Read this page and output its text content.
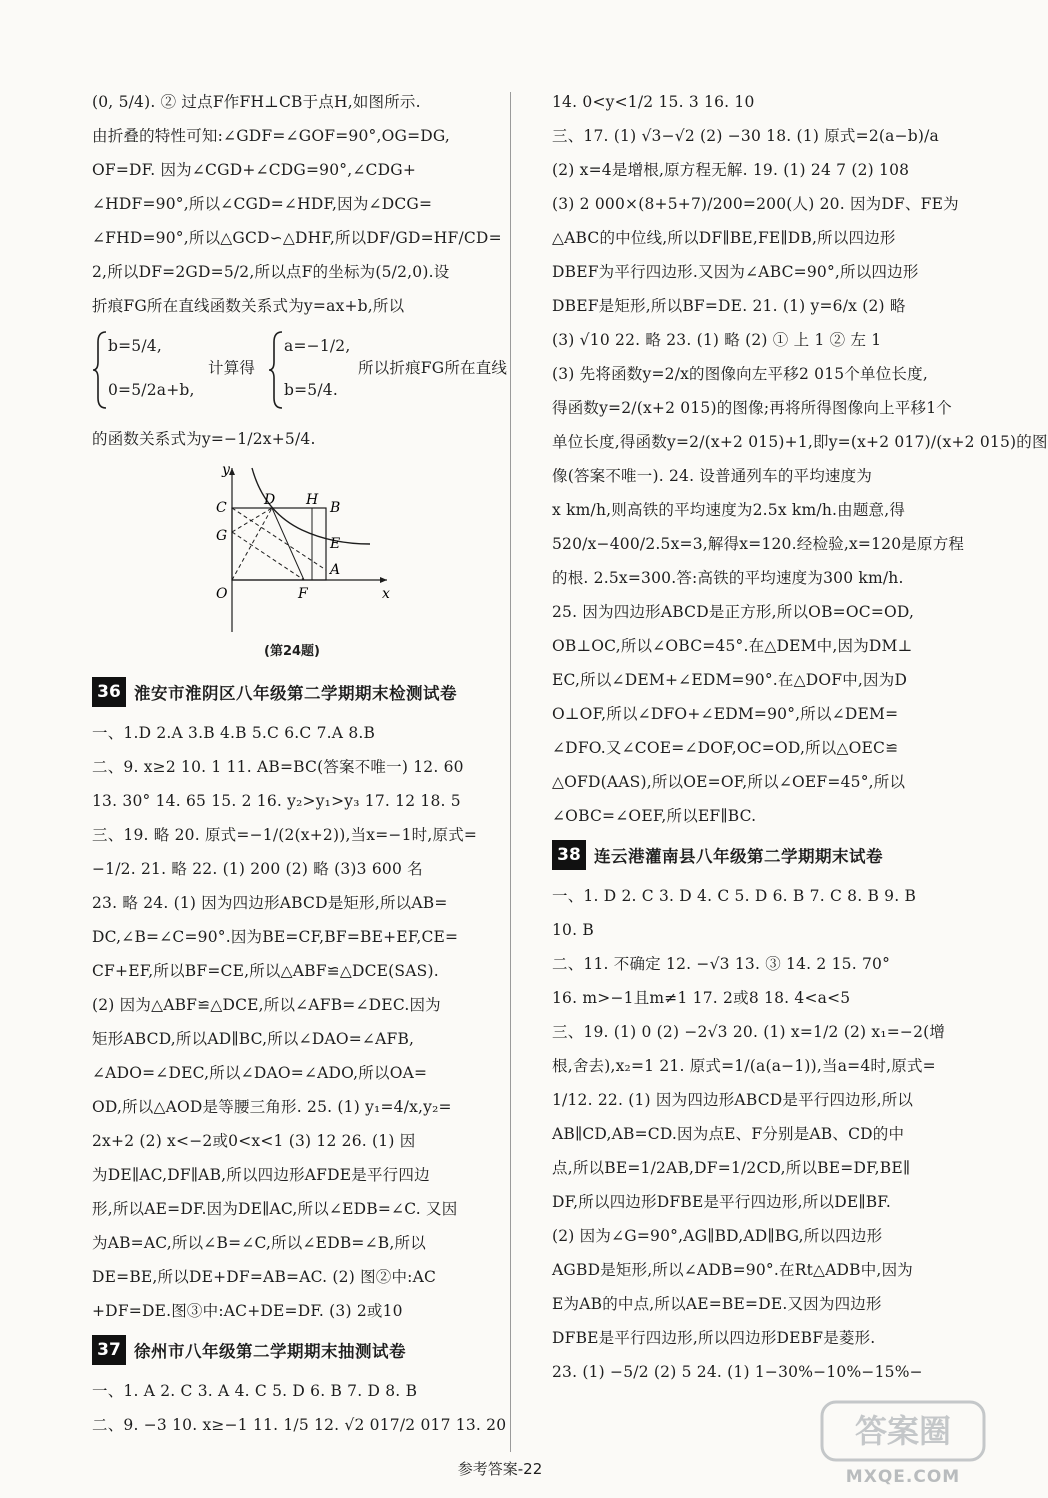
(0, 5/4). ② 过点F作FH⊥CB于点H,如图所示.
由折叠的特性可知:∠GDF=∠GOF=90°,OG=DG,
OF=DF. 因为∠CGD+∠CDG=90°,∠CDG+
∠HDF=90°,所以∠CGD=∠HDF,因为∠DCG=
∠FHD=90°,所以△GCD∽△DHF,所以DF/GD=HF/CD=
2,所以DF=2GD=5/2,所以点F的坐标为(5/2,0).设
折痕FG所在直线函数关系式为y=ax+b,所以
b=5/4,
0=5/2a+b,
计算得
a=−1/2,
b=5/4.
所以折痕FG所在直线
的函数关系式为y=−1/2x+5/4.
y
x
O
C
G
D H B
E
A
F
(第24题)
36 淮安市淮阴区八年级第二学期期末检测试卷
一、1.D 2.A 3.B 4.B 5.C 6.C 7.A 8.B
二、9. x≥2 10. 1 11. AB=BC(答案不唯一) 12. 60
13. 30° 14. 65 15. 2 16. y₂>y₁>y₃ 17. 12 18. 5
三、19. 略 20. 原式=−1/(2(x+2)),当x=−1时,原式=
−1/2. 21. 略 22. (1) 200 (2) 略 (3)3 600 名
23. 略 24. (1) 因为四边形ABCD是矩形,所以AB=
DC,∠B=∠C=90°.因为BE=CF,BF=BE+EF,CE=
CF+EF,所以BF=CE,所以△ABF≌△DCE(SAS).
(2) 因为△ABF≌△DCE,所以∠AFB=∠DEC.因为
矩形ABCD,所以AD∥BC,所以∠DAO=∠AFB,
∠ADO=∠DEC,所以∠DAO=∠ADO,所以OA=
OD,所以△AOD是等腰三角形. 25. (1) y₁=4/x,y₂=
2x+2 (2) x<−2或0<x<1 (3) 12 26. (1) 因
为DE∥AC,DF∥AB,所以四边形AFDE是平行四边
形,所以AE=DF.因为DE∥AC,所以∠EDB=∠C. 又因
为AB=AC,所以∠B=∠C,所以∠EDB=∠B,所以
DE=BE,所以DE+DF=AB=AC. (2) 图②中:AC
+DF=DE.图③中:AC+DE=DF. (3) 2或10
37 徐州市八年级第二学期期末抽测试卷
一、1. A 2. C 3. A 4. C 5. D 6. B 7. D 8. B
二、9. −3 10. x≥−1 11. 1/5 12. √2 017/2 017 13. 20
14. 0<y<1/2 15. 3 16. 10
三、17. (1) √3−√2 (2) −30 18. (1) 原式=2(a−b)/a
(2) x=4是增根,原方程无解. 19. (1) 24 7 (2) 108
(3) 2 000×(8+5+7)/200=200(人) 20. 因为DF、FE为
△ABC的中位线,所以DF∥BE,FE∥DB,所以四边形
DBEF为平行四边形.又因为∠ABC=90°,所以四边形
DBEF是矩形,所以BF=DE. 21. (1) y=6/x (2) 略
(3) √10 22. 略 23. (1) 略 (2) ① 上 1 ② 左 1
(3) 先将函数y=2/x的图像向左平移2 015个单位长度,
得函数y=2/(x+2 015)的图像;再将所得图像向上平移1个
单位长度,得函数y=2/(x+2 015)+1,即y=(x+2 017)/(x+2 015)的图
像(答案不唯一). 24. 设普通列车的平均速度为
x km/h,则高铁的平均速度为2.5x km/h.由题意,得
520/x−400/2.5x=3,解得x=120.经检验,x=120是原方程
的根. 2.5x=300.答:高铁的平均速度为300 km/h.
25. 因为四边形ABCD是正方形,所以OB=OC=OD,
OB⊥OC,所以∠OBC=45°.在△DEM中,因为DM⊥
EC,所以∠DEM+∠EDM=90°.在△DOF中,因为D
O⊥OF,所以∠DFO+∠EDM=90°,所以∠DEM=
∠DFO.又∠COE=∠DOF,OC=OD,所以△OEC≌
△OFD(AAS),所以OE=OF,所以∠OEF=45°,所以
∠OBC=∠OEF,所以EF∥BC.
38 连云港灌南县八年级第二学期期末试卷
一、1. D 2. C 3. D 4. C 5. D 6. B 7. C 8. B 9. B
10. B
二、11. 不确定 12. −√3 13. ③ 14. 2 15. 70°
16. m>−1且m≠1 17. 2或8 18. 4<a<5
三、19. (1) 0 (2) −2√3 20. (1) x=1/2 (2) x₁=−2(增
根,舍去),x₂=1 21. 原式=1/(a(a−1)),当a=4时,原式=
1/12. 22. (1) 因为四边形ABCD是平行四边形,所以
AB∥CD,AB=CD.因为点E、F分别是AB、CD的中
点,所以BE=1/2AB,DF=1/2CD,所以BE=DF,BE∥
DF,所以四边形DFBE是平行四边形,所以DE∥BF.
(2) 因为∠G=90°,AG∥BD,AD∥BG,所以四边形
AGBD是矩形,所以∠ADB=90°.在Rt△ADB中,因为
E为AB的中点,所以AE=BE=DE.又因为四边形
DFBE是平行四边形,所以四边形DEBF是菱形.
23. (1) −5/2 (2) 5 24. (1) 1−30%−10%−15%−
参考答案-22
答案圈
MXQE.COM
